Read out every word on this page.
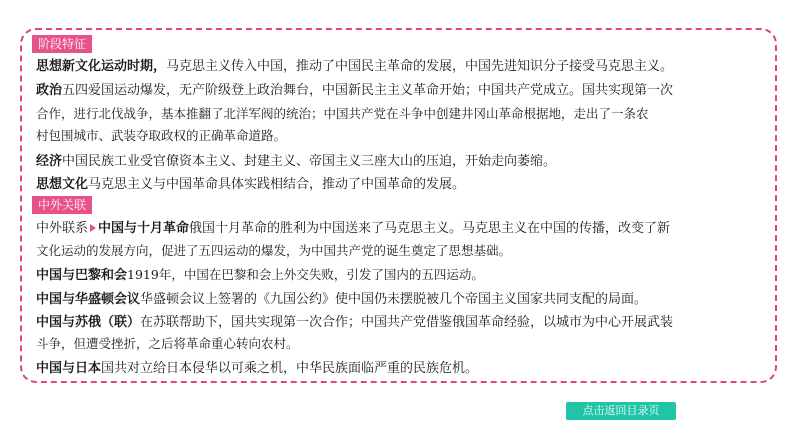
阶段特征
思想新文化运动时期，马克思主义传入中国，推动了中国民主革命的发展，中国先进知识分子接受马克思主义。
政治五四爱国运动爆发，无产阶级登上政治舞台，中国新民主主义革命开始；中国共产党成立。国共实现第一次
合作，进行北伐战争，基本推翻了北洋军阀的统治；中国共产党在斗争中创建井冈山革命根据地，走出了一条农
村包围城市、武装夺取政权的正确革命道路。
经济中国民族工业受官僚资本主义、封建主义、帝国主义三座大山的压迫，开始走向萎缩。
思想文化马克思主义与中国革命具体实践相结合，推动了中国革命的发展。
中外关联
中外联系 中国与十月革命俄国十月革命的胜利为中国送来了马克思主义。马克思主义在中国的传播，改变了新
文化运动的发展方向，促进了五四运动的爆发，为中国共产党的诞生奠定了思想基础。
中国与巴黎和会1919年，中国在巴黎和会上外交失败，引发了国内的五四运动。
中国与华盛顿会议华盛顿会议上签署的《九国公约》使中国仍未摆脱被几个帝国主义国家共同支配的局面。
中国与苏俄（联）在苏联帮助下，国共实现第一次合作；中国共产党借鉴俄国革命经验，以城市为中心开展武装
斗争，但遭受挫折，之后将革命重心转向农村。
中国与日本国共对立给日本侵华以可乘之机，中华民族面临严重的民族危机。
点击返回目录页
